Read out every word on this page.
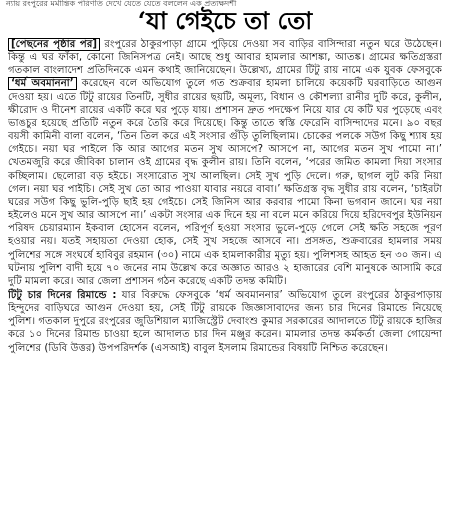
ন্যায় রংপুরের মর্মান্তিক পরিণতি দেখে যেতে যেতে বললেন এক প্রত্যক্ষদর্শী
‘যা গেইচে তা তো

[পেছনের পৃষ্ঠার পর] রংপুরের ঠাকুরপাড়া গ্রামে পুড়িয়ে দেওয়া সব বাড়ির বাসিন্দারা নতুন ঘরে উঠেছেন। কিন্তু এ ঘর ফাঁকা, কোনো জিনিসপত্র নেই। আছে শুধু আবার হামলার আশঙ্কা, আতঙ্ক। গ্রামের ক্ষতিগ্রস্তরা গতকাল বাংলাদেশ প্রতিদিনকে এমন কথাই জানিয়েছেন। উল্লেখ্য, গ্রামের টিটু রায় নামে এক যুবক ফেসবুকে ‘ধর্ম অবমাননা’ করেছেন বলে অভিযোগ তুলে গত শুক্রবার হামলা চালিয়ে কয়েকটি ঘরবাড়িতে আগুন দেওয়া হয়। এতে টিটু রায়ের তিনটি, সুধীর রায়ের ছয়টি, অমূল্য, বিধান ও কৌশল্যা রানীর দুটি করে, কুলীন, ক্ষীরোদ ও দীনেশ রায়ের একটি করে ঘর পুড়ে যায়। প্রশাসন দ্রুত পদক্ষেপ নিয়ে যার যে কটি ঘর পুড়েছে এবং ভাঙচুর হয়েছে প্রতিটি নতুন করে তৈরি করে দিয়েছে। কিন্তু তাতে স্বস্তি ফেরেনি বাসিন্দাদের মনে। ৯০ বছর বয়সী কামিনী বালা বলেন, ‘তিন তিল করে এই সংসার গুঁড়ি তুলিছিলাম। চোকের পলকে সউগ কিছু শ্যাষ হয় গেইচে। নয়া ঘর পাইলে কি আর আগের মতন সুখ আসপে? আসপে না, আগের মতন সুখ পামো না।’ খেতমজুরি করে জীবিকা চালান ওই গ্রামের বৃদ্ধ কুলীন রায়। তিনি বলেন, ‘পরের জমিত কামলা দিয়া সংসার কচ্ছিলাম। ছেলোরা বড় হইচে। সংসারোত সুখ আলছিল। সেই সুখ পুড়ি দেলে। গরু, ছাগল লুট করি নিয়া গেল। নয়া ঘর পাইচি। সেই সুখ তো আর পাওয়া যাবার নয়রে বাবা।’ ক্ষতিগ্রস্ত বৃদ্ধ সুধীর রায় বলেন, ‘চাইরটা ঘরের সউগ কিছু ভুলি-পুড়ি ছাই হয় গেইচে। সেই জিনিস আর করবার পামো কিনা ভগবান জানে। ঘর নয়া হইলেও মনে সুখ আর আসপে না।’ একটা সংসার এক দিনে হয় না বলে মনে করিয়ে দিয়ে হরিদেবপুর ইউনিয়ন পরিষদ চেয়ারম্যান ইকবাল হোসেন বলেন, পরিপূর্ণ হওয়া সংসার ভুলে-পুড়ে গেলে সেই ক্ষতি সহজে পূরণ হওয়ার নয়। যতই সহায়তা দেওয়া হোক, সেই সুখ সহজে আসবে না। প্রসঙ্গত, শুক্রবারের হামলার সময় পুলিশের সঙ্গে সংঘর্ষে হাবিবুর রহমান (৩০) নামে এক হামলাকারীর মৃত্যু হয়। পুলিশসহ আহত হন ৩০ জন। এ ঘটনায় পুলিশ বাদী হয়ে ৭০ জনের নাম উল্লেখ করে অজ্ঞাত আরও ২ হাজারের বেশি মানুষকে আসামি করে দুটি মামলা করে। আর জেলা প্রশাসন গঠন করেছে একটি তদন্ত কমিটি।

টিটু চার দিনের রিমান্ডে : যার বিরুদ্ধে ফেসবুকে ‘ধর্ম অবমাননার’ অভিযোগ তুলে রংপুরের ঠাকুরপাড়ায় হিন্দুদের বাড়িঘরে আগুন দেওয়া হয়, সেই টিটু রায়কে জিজ্ঞাসাবাদের জন্য চার দিনের রিমান্ডে নিয়েছে পুলিশ। গতকাল দুপুরে রংপুরের জুডিশিয়াল ম্যাজিস্ট্রেট দেবাংশু কুমার সরকারের আদালতে টিটু রায়কে হাজির করে ১০ দিনের রিমান্ড চাওয়া হলে আদালত চার দিন মঞ্জুর করেন। মামলার তদন্ত কর্মকর্তা জেলা গোয়েন্দা পুলিশের (ডিবি উত্তর) উপপরিদর্শক (এসআই) বাবুল ইসলাম রিমান্ডের বিষয়টি নিশ্চিত করেছেন।
